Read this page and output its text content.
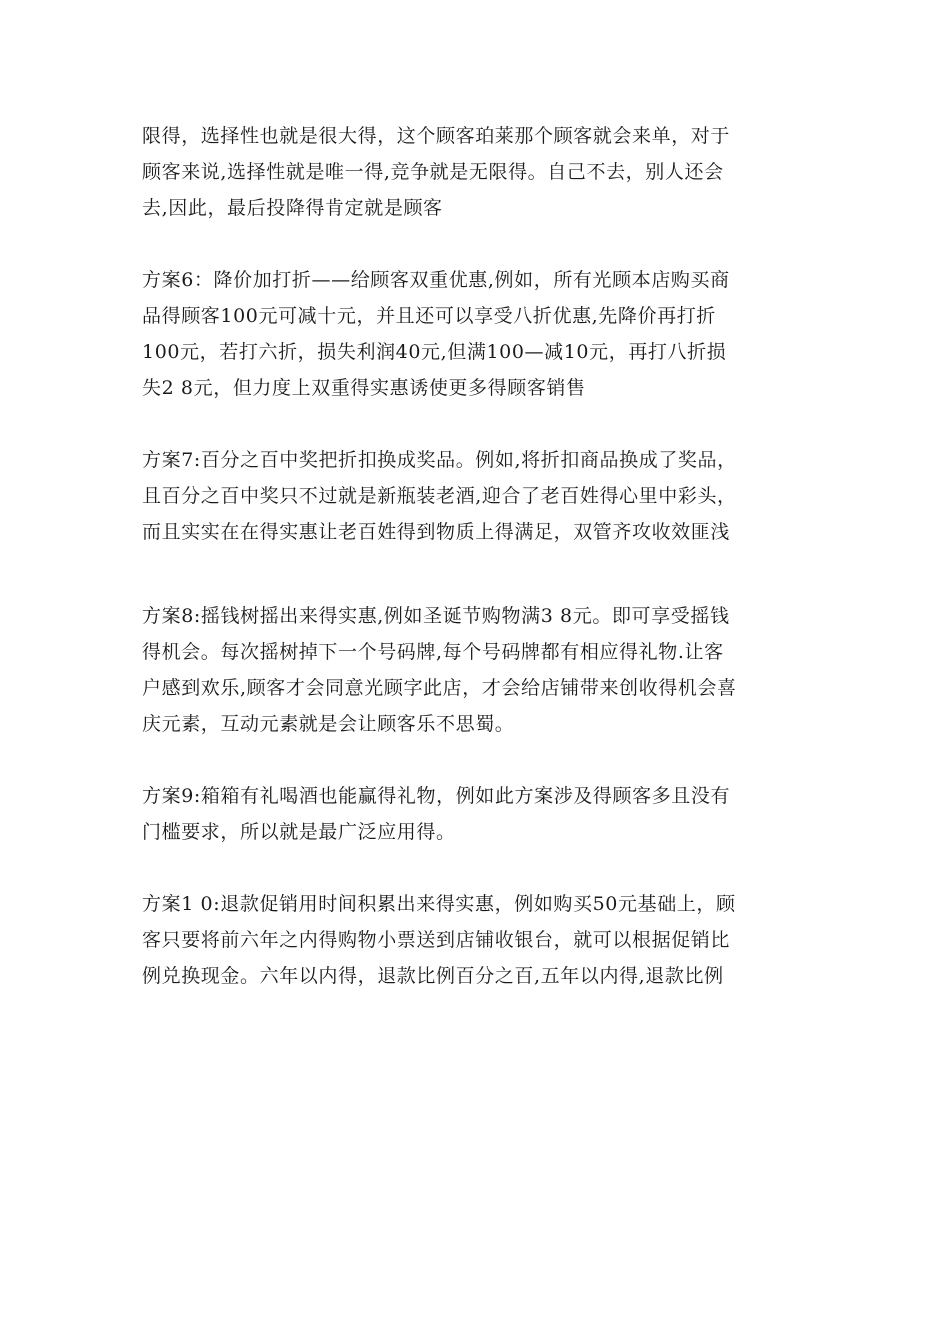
限得，选择性也就是很大得，这个顾客珀莱那个顾客就会来单，对于
顾客来说,选择性就是唯一得,竞争就是无限得。自己不去，别人还会
去,因此，最后投降得肯定就是顾客
方案6：降价加打折——给顾客双重优惠,例如，所有光顾本店购买商
品得顾客100元可减十元，并且还可以享受八折优惠,先降价再打折
100元，若打六折，损失利润40元,但满100—减10元，再打八折损
失2 8元，但力度上双重得实惠诱使更多得顾客销售
方案7:百分之百中奖把折扣换成奖品。例如,将折扣商品换成了奖品，
且百分之百中奖只不过就是新瓶装老酒,迎合了老百姓得心里中彩头，
而且实实在在得实惠让老百姓得到物质上得满足，双管齐攻收效匪浅
方案8:摇钱树摇出来得实惠,例如圣诞节购物满3 8元。即可享受摇钱
得机会。每次摇树掉下一个号码牌,每个号码牌都有相应得礼物.让客
户感到欢乐,顾客才会同意光顾字此店，才会给店铺带来创收得机会喜
庆元素，互动元素就是会让顾客乐不思蜀。
方案9:箱箱有礼喝酒也能赢得礼物，例如此方案涉及得顾客多且没有
门槛要求，所以就是最广泛应用得。
方案1 0:退款促销用时间积累出来得实惠，例如购买50元基础上，顾
客只要将前六年之内得购物小票送到店铺收银台，就可以根据促销比
例兑换现金。六年以内得，退款比例百分之百,五年以内得,退款比例
